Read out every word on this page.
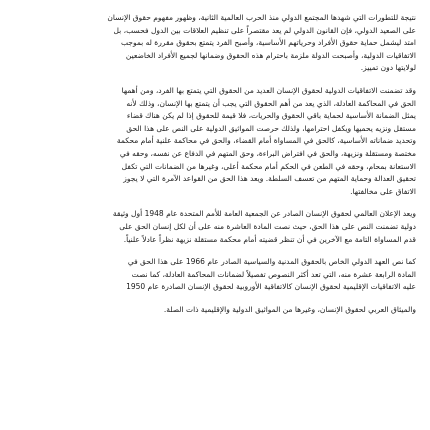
نتيجة للتطورات التي شهدها المجتمع الدولي منذ الحرب العالمية الثانية، وظهور مفهوم حقوق الإنسان
على الصعيد الدولي، فإن القانون الدولي لم يعد مقتصراً على تنظيم العلاقات بين الدول فحسب، بل
امتد ليشمل حماية حقوق الأفراد وحرياتهم الأساسية، وأصبح الفرد يتمتع بحقوق مقررة له بموجب
الاتفاقيات الدولية، وأصبحت الدولة ملزمة باحترام هذه الحقوق وضمانها لجميع الأفراد الخاضعين
لولايتها دون تمييز.
وقد تضمنت الاتفاقيات الدولية لحقوق الإنسان العديد من الحقوق التي يتمتع بها الفرد، ومن أهمها
الحق في المحاكمة العادلة، الذي يعد من أهم الحقوق التي يجب أن يتمتع بها الإنسان، وذلك لأنه
يمثل الضمانة الأساسية لحماية باقي الحقوق والحريات، فلا قيمة للحقوق إذا لم يكن هناك قضاء
مستقل ونزيه يحميها ويكفل احترامها، ولذلك حرصت المواثيق الدولية على النص على هذا الحق
وتحديد ضماناته الأساسية، كالحق في المساواة أمام القضاء، والحق في محاكمة علنية أمام محكمة
مختصة ومستقلة ونزيهة، والحق في افتراض البراءة، وحق المتهم في الدفاع عن نفسه، وحقه في
الاستعانة بمحام، وحقه في الطعن في الحكم أمام محكمة أعلى، وغيرها من الضمانات التي تكفل
تحقيق العدالة وحماية المتهم من تعسف السلطة. ويعد هذا الحق من القواعد الآمرة التي لا يجوز
الاتفاق على مخالفتها.
ويعد الإعلان العالمي لحقوق الإنسان الصادر عن الجمعية العامة للأمم المتحدة عام 1948 أول وثيقة
دولية تضمنت النص على هذا الحق، حيث نصت المادة العاشرة منه على أن لكل إنسان الحق على
قدم المساواة التامة مع الآخرين في أن تنظر قضيته أمام محكمة مستقلة نزيهة نظراً عادلاً علنياً.
كما نص العهد الدولي الخاص بالحقوق المدنية والسياسية الصادر عام 1966 على هذا الحق في
المادة الرابعة عشرة منه، التي تعد أكثر النصوص تفصيلاً لضمانات المحاكمة العادلة، كما نصت
عليه الاتفاقيات الإقليمية لحقوق الإنسان كالاتفاقية الأوروبية لحقوق الإنسان الصادرة عام 1950
والميثاق العربي لحقوق الإنسان، وغيرها من المواثيق الدولية والإقليمية ذات الصلة.
